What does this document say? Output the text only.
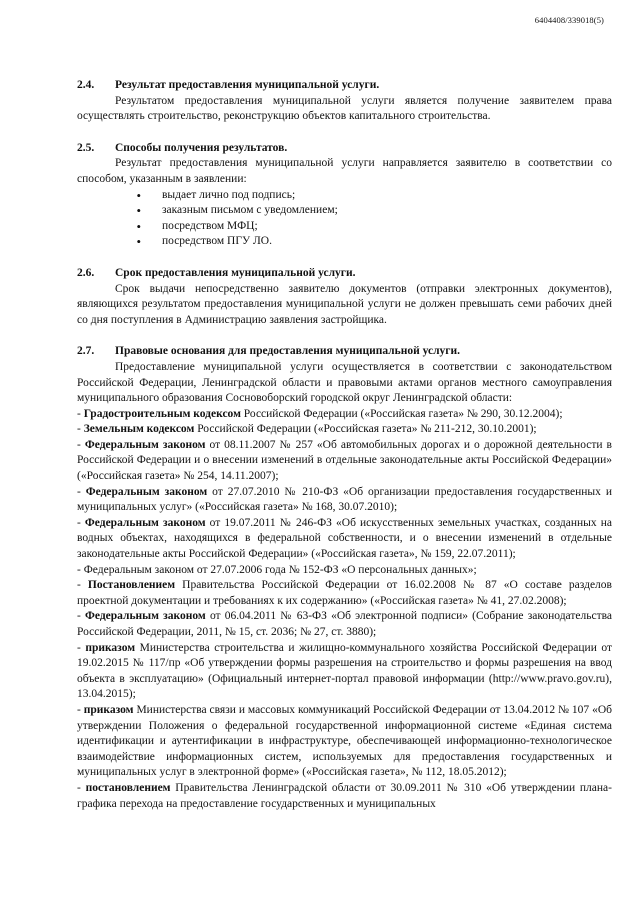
6404408/339018(5)
2.4.	Результат предоставления муниципальной услуги.

Результатом предоставления муниципальной услуги является получение заявителем права осуществлять строительство, реконструкцию объектов капитального строительства.

2.5.	Способы получения результатов.

Результат предоставления муниципальной услуги направляется заявителю в соответствии со способом, указанным в заявлении:

•	выдает лично под подпись;
•	заказным письмом с уведомлением;
•	посредством МФЦ;
•	посредством ПГУ ЛО.
2.6.	Срок предоставления муниципальной услуги.

Срок выдачи непосредственно заявителю документов (отправки электронных документов), являющихся результатом предоставления муниципальной услуги не должен превышать семи рабочих дней со дня поступления в Администрацию заявления застройщика.

2.7.	Правовые основания для предоставления муниципальной услуги.

Предоставление муниципальной услуги осуществляется в соответствии с законодательством Российской Федерации, Ленинградской области и правовыми актами органов местного самоуправления муниципального образования Сосновоборский городской округ Ленинградской области:

- Градостроительным кодексом Российской Федерации («Российская газета» № 290, 30.12.2004);

- Земельным кодексом Российской Федерации («Российская газета» № 211-212, 30.10.2001);

- Федеральным законом от 08.11.2007 № 257 «Об автомобильных дорогах и о дорожной деятельности в Российской Федерации и о внесении изменений в отдельные законодательные акты Российской Федерации» («Российская газета» № 254, 14.11.2007);

- Федеральным законом от 27.07.2010 № 210-ФЗ «Об организации предоставления государственных и муниципальных услуг» («Российская газета» № 168, 30.07.2010);

- Федеральным законом от 19.07.2011 № 246-ФЗ «Об искусственных земельных участках, созданных на водных объектах, находящихся в федеральной собственности, и о внесении изменений в отдельные законодательные акты Российской Федерации» («Российская газета», № 159, 22.07.2011);

- Федеральным законом от 27.07.2006 года № 152-ФЗ «О персональных данных»;

- Постановлением Правительства Российской Федерации от 16.02.2008 № 87 «О составе разделов проектной документации и требованиях к их содержанию» («Российская газета» № 41, 27.02.2008);

- Федеральным законом от 06.04.2011 № 63-ФЗ «Об электронной подписи» (Собрание законодательства Российской Федерации, 2011, № 15, ст. 2036; № 27, ст. 3880);

- приказом Министерства строительства и жилищно-коммунального хозяйства Российской Федерации от 19.02.2015 № 117/пр «Об утверждении формы разрешения на строительство и формы разрешения на ввод объекта в эксплуатацию» (Официальный интернет-портал правовой информации (http://www.pravo.gov.ru), 13.04.2015);

- приказом Министерства связи и массовых коммуникаций Российской Федерации от 13.04.2012 № 107 «Об утверждении Положения о федеральной государственной информационной системе «Единая система идентификации и аутентификации в инфраструктуре, обеспечивающей информационно-технологическое взаимодействие информационных систем, используемых для предоставления государственных и муниципальных услуг в электронной форме» («Российская газета», № 112, 18.05.2012);

- постановлением Правительства Ленинградской области от 30.09.2011 № 310 «Об утверждении плана-графика перехода на предоставление государственных и муниципальных
